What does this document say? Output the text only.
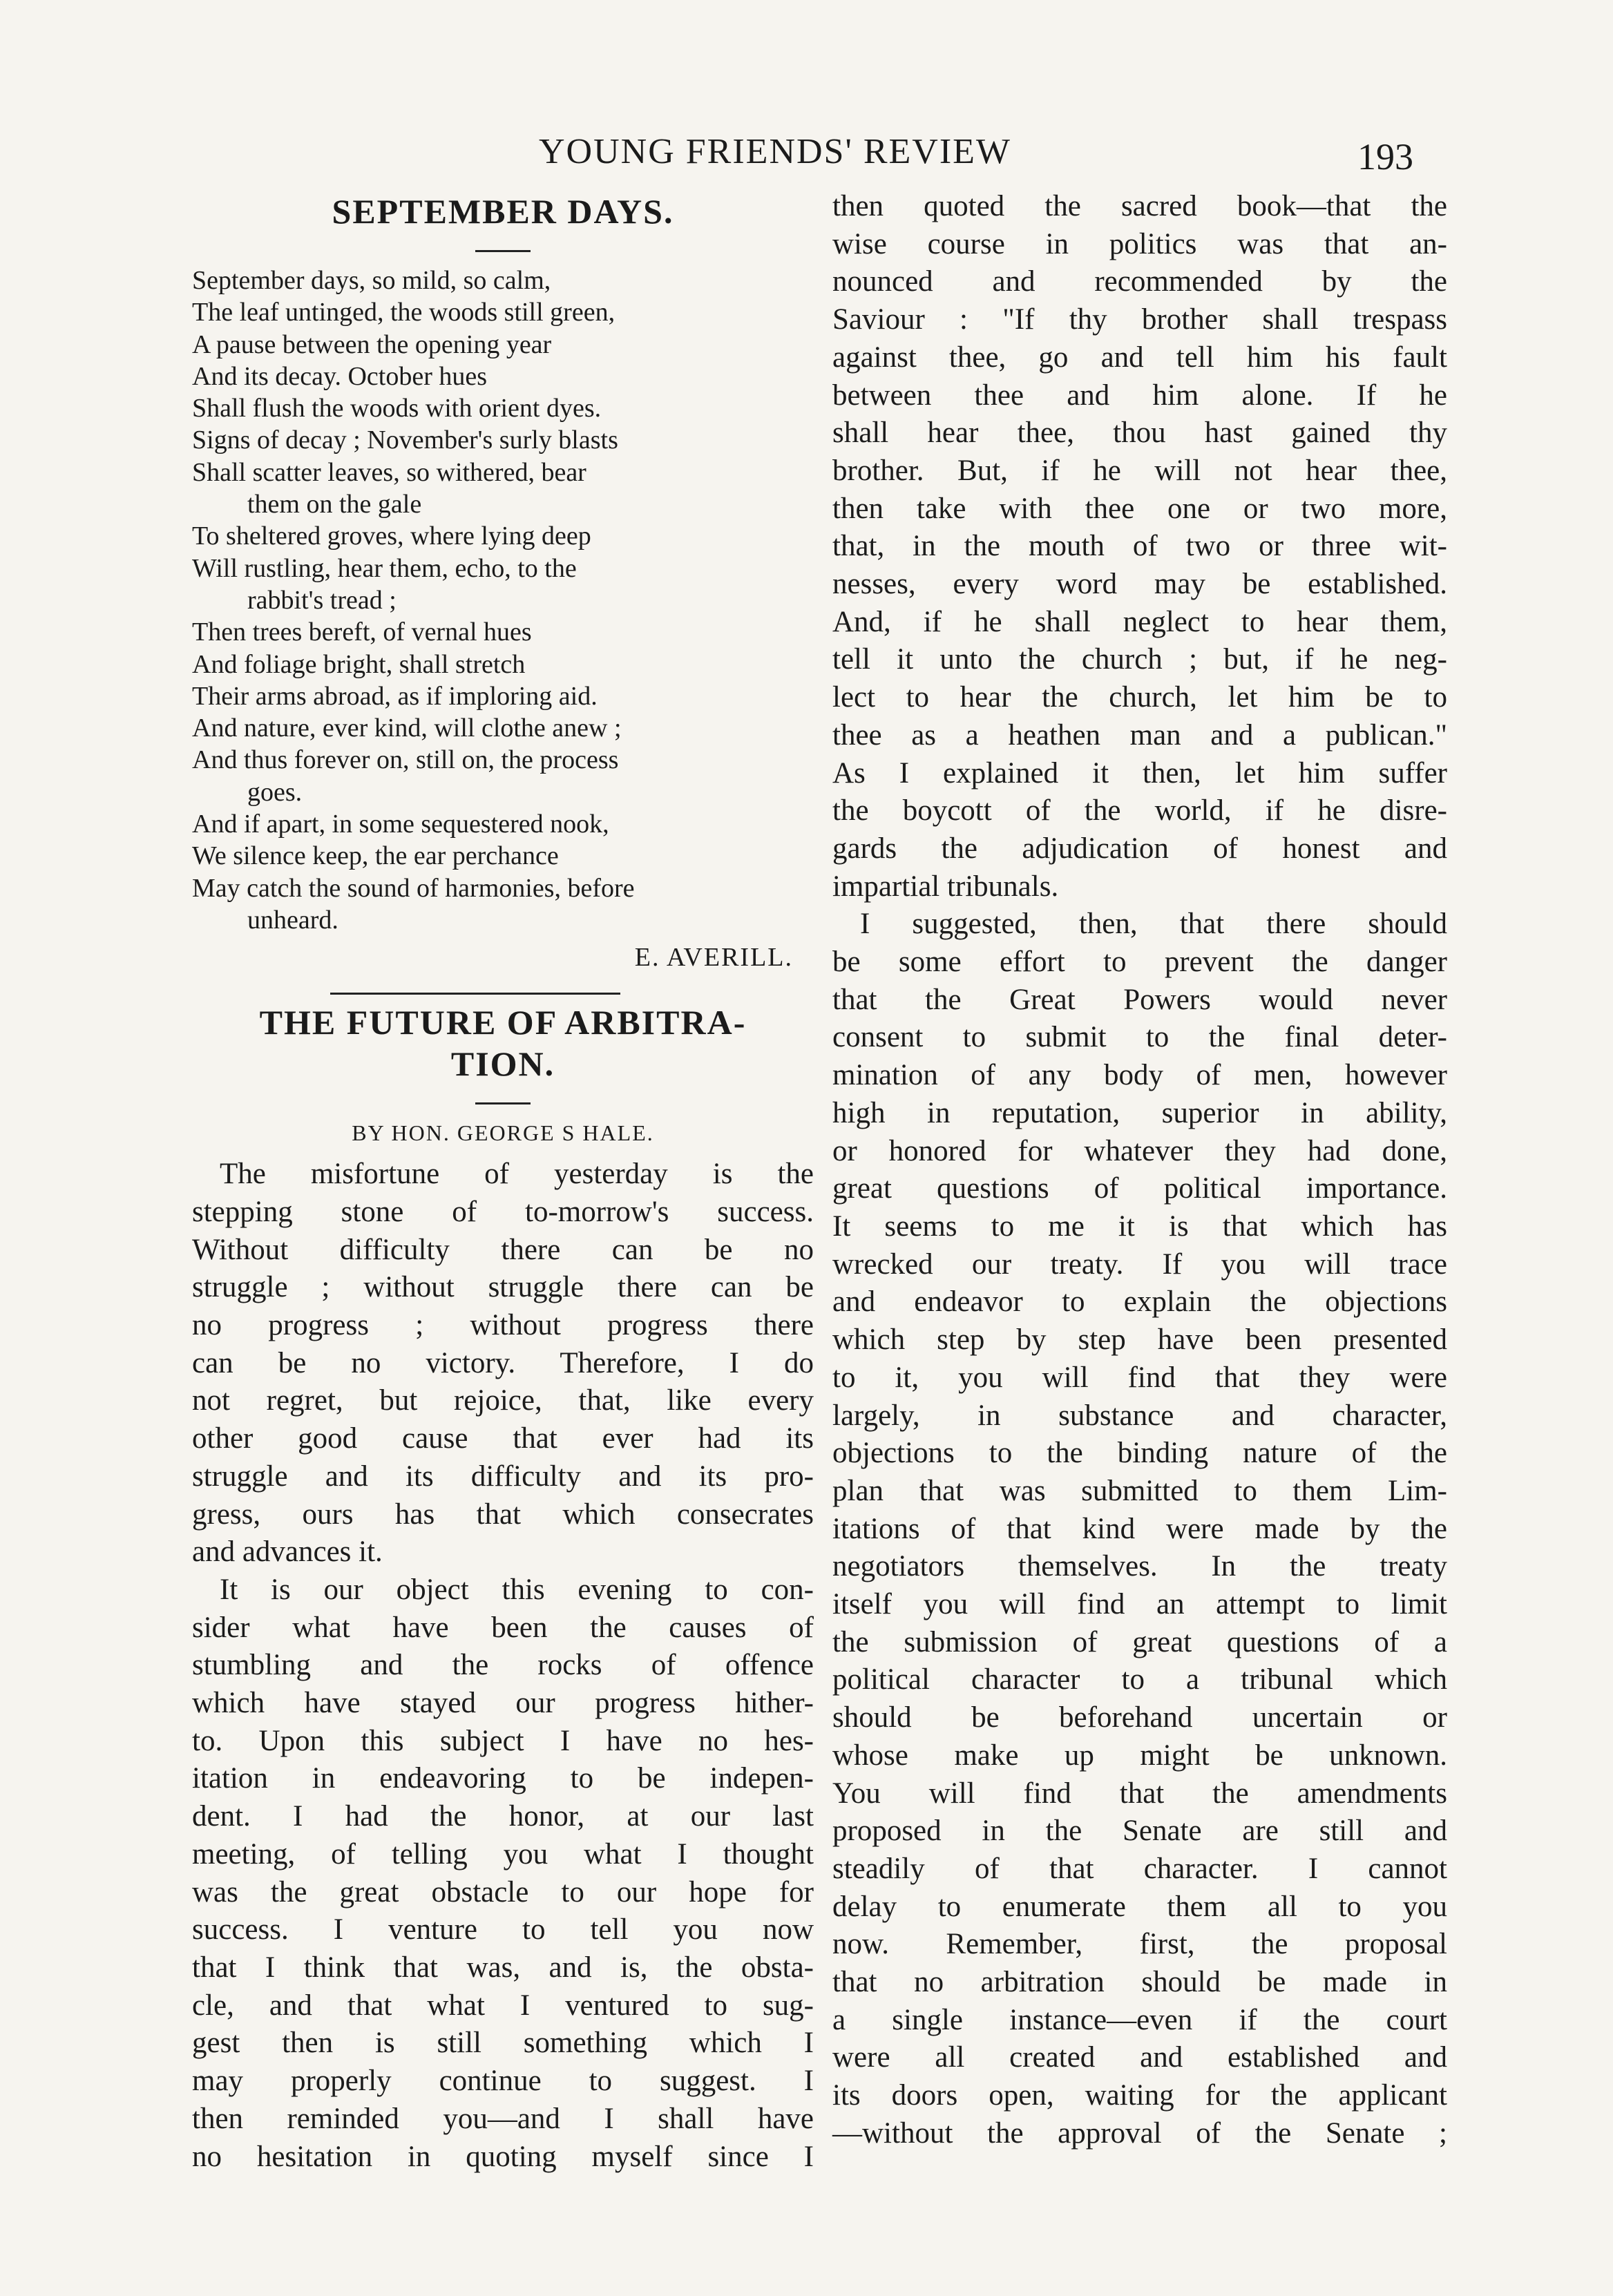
YOUNG FRIENDS' REVIEW	193
SEPTEMBER DAYS.
September days, so mild, so calm,
The leaf untinged, the woods still green,
A pause between the opening year
And its decay. October hues
Shall flush the woods with orient dyes.
Signs of decay ; November's surly blasts
Shall scatter leaves, so withered, bear
them on the gale
To sheltered groves, where lying deep
Will rustling, hear them, echo, to the
rabbit's tread ;
Then trees bereft, of vernal hues
And foliage bright, shall stretch
Their arms abroad, as if imploring aid.
And nature, ever kind, will clothe anew ;
And thus forever on, still on, the process
goes.
And if apart, in some sequestered nook,
We silence keep, the ear perchance
May catch the sound of harmonies, before
unheard.
E. AVERILL.
THE FUTURE OF ARBITRA-
TION.
BY HON. GEORGE S HALE.
The misfortune of yesterday is the
stepping stone of to-morrow's success.
Without difficulty there can be no
struggle ; without struggle there can be
no progress ; without progress there
can be no victory. Therefore, I do
not regret, but rejoice, that, like every
other good cause that ever had its
struggle and its difficulty and its pro-
gress, ours has that which consecrates
and advances it.
It is our object this evening to con-
sider what have been the causes of
stumbling and the rocks of offence
which have stayed our progress hither-
to. Upon this subject I have no hes-
itation in endeavoring to be indepen-
dent. I had the honor, at our last
meeting, of telling you what I thought
was the great obstacle to our hope for
success. I venture to tell you now
that I think that was, and is, the obsta-
cle, and that what I ventured to sug-
gest then is still something which I
may properly continue to suggest. I
then reminded you—and I shall have
no hesitation in quoting myself since I
then quoted the sacred book—that the
wise course in politics was that an-
nounced and recommended by the
Saviour : "If thy brother shall trespass
against thee, go and tell him his fault
between thee and him alone. If he
shall hear thee, thou hast gained thy
brother. But, if he will not hear thee,
then take with thee one or two more,
that, in the mouth of two or three wit-
nesses, every word may be established.
And, if he shall neglect to hear them,
tell it unto the church ; but, if he neg-
lect to hear the church, let him be to
thee as a heathen man and a publican."
As I explained it then, let him suffer
the boycott of the world, if he disre-
gards the adjudication of honest and
impartial tribunals.
I suggested, then, that there should
be some effort to prevent the danger
that the Great Powers would never
consent to submit to the final deter-
mination of any body of men, however
high in reputation, superior in ability,
or honored for whatever they had done,
great questions of political importance.
It seems to me it is that which has
wrecked our treaty. If you will trace
and endeavor to explain the objections
which step by step have been presented
to it, you will find that they were
largely, in substance and character,
objections to the binding nature of the
plan that was submitted to them Lim-
itations of that kind were made by the
negotiators themselves. In the treaty
itself you will find an attempt to limit
the submission of great questions of a
political character to a tribunal which
should be beforehand uncertain or
whose make up might be unknown.
You will find that the amendments
proposed in the Senate are still and
steadily of that character. I cannot
delay to enumerate them all to you
now. Remember, first, the proposal
that no arbitration should be made in
a single instance—even if the court
were all created and established and
its doors open, waiting for the applicant
—without the approval of the Senate ;
